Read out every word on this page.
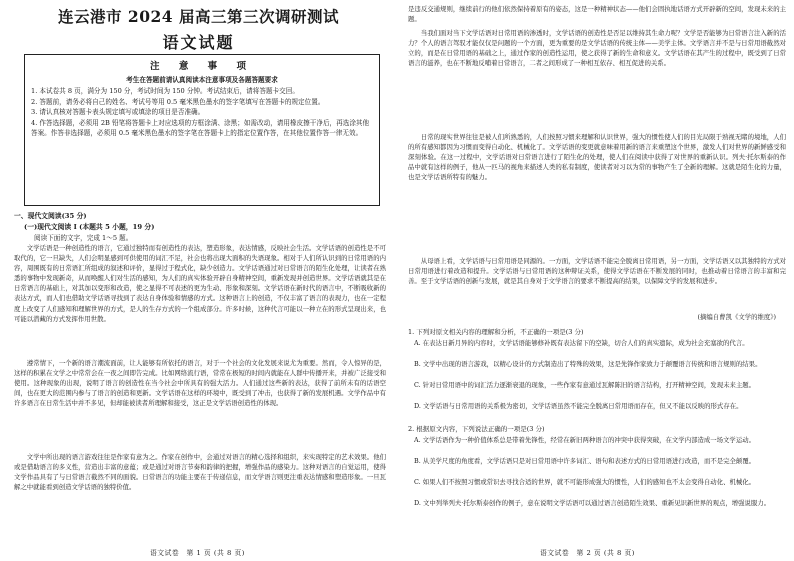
连云港市 2024 届高三第三次调研测试
语文试题
注 意 事 项
考生在答题前请认真阅读本注意事项及各题答题要求
1. 本试卷共 8 页，满分为 150 分，考试时间为 150 分钟。考试结束后，请将答题卡交回。
2. 答题前，请务必将自己的姓名、考试号等用 0.5 毫米黑色墨水的签字笔填写在答题卡的规定位置。
3. 请认真核对答题卡表头规定填写或填涂的项目是否准确。
4. 作答选择题，必须用 2B 铅笔将答题卡上对应选项的方框涂满、涂黑；如需改动，请用橡皮擦干净后，再选涂其他答案。作答非选择题，必须用 0.5 毫米黑色墨水的签字笔在答题卡上的指定位置作答，在其他位置作答一律无效。
一、现代文阅读(35 分)
(一)现代文阅读 I (本题共 5 小题，19 分)
阅读下面的文字，完成 1～5 题。
文学话语是一种创造性的语言，它通过独特而有创造性的表达，塑造形象，表达情感，反映社会生活。文学话语的创造性是不可取代的，它一旦缺失，人们会明显感到可供使用的词汇不足，社会也将出现大面积的失语现象。相对于人们所认识到的日常用语的内容，周围既有的日常语汇所组成的叙述和评价，显得过于程式化，缺少创造力。文学话语通过对日常语言的陌生化处理，让读者在熟悉的事物中发现新奇，从而唤醒人们对生活的感知，为人们的真实体验开辟自身精神空间，重新发现并创造世界。文学话语就其是在日常语言的基础上，对其加以变形和改造，使之显得不可表述的更为生动、形象和深刻。文学话语在新时代的语言中，不断吸收新的表达方式，而人们也借助文学话语寻找到了表达自身体验和情感的方式。这种语言上的创造，不仅丰富了语言的表现力，也在一定程度上改变了人们感知和理解世界的方式，是人的生存方式的一个组成部分。许多时候，这种代言可能以一种立在的形式呈现出来，也可能以潜藏的方式发挥作用世散。
遵常情下，一个新的语言潮流面前，让人能够有所依托的语言，对于一个社会的文化发展来说尤为重要。然而，令人惊异的是，这样的积累在文学之中常常会在一夜之间即告完成。比如网络流行语，常常在极短的时间内就能在人群中传播开来，并被广泛接受和使用。这种现象的出现，说明了语言的创造性在当今社会中所具有的强大活力。人们通过这些新的表达，获得了前所未有的话语空间，也在更大的范围内参与了语言的创造和更新。文学话语在这样的环境中，既受到了冲击，也获得了新的发展机遇。文学作品中有许多语言在日常生活中并不多见，但却能被读者所理解和接受，这正是文学话语创造性的体现。
文学中所出现的语言游戏往往是作家有意为之。作家在创作中，会通过对语言的精心选择和组织，来实现特定的艺术效果。他们或是借助语言的多义性，营造出丰富的意蕴；或是通过对语言节奏和韵律的把握，增强作品的感染力。这种对语言的自觉运用，使得文学作品具有了与日常语言截然不同的面貌。日常语言的功能主要在于传递信息，而文学语言则更注重表达情感和塑造形象。一旦瓦解之中就能看到创造文学话语的独特价值。
语文试卷　第 1 页 (共 8 页)
是违反交通规则，继续前行的他们依然保持着原有的姿态，这是一种精神状态——他们会固执地话语方式开辟新的空间，发现未来的主题。
当我们面对当下文学话语对日常用语的渗透时，文学话语的创造性是否足以维持其生命力呢？文学是否能够为日常语言注入新的活力？个人的语言驾驭才能仅仅是问题的一个方面，更为重要的是文学话语的传统主体——美学主体。文学语言并不是与日常用语截然对立的，而是在日常用语的基础之上，通过作家的创造性运用，使之获得了新的生命和意义。文学话语在其产生的过程中，既受到了日常语言的滋养，也在不断地反哺着日常语言，二者之间形成了一种相互依存、相互促进的关系。
日常的现实世界往往是被人们所熟悉的，人们按照习惯来理解和认识世界，强大的惯性使人们的目光局限于熟视无睹的境地，人们的所有感知都因为习惯而变得自动化、机械化了。文学话语的变更就意味着用新的语言来重塑这个世界，激发人们对世界的新鲜感受和深刻体验。在这一过程中，文学话语对日常语言进行了陌生化的处理，使人们在阅读中获得了对世界的重新认识。列夫·托尔斯泰的作品中就有这样的例子，他从一匹马的视角来描述人类的私有制度，使读者对习以为常的事物产生了全新的理解。这就是陌生化的力量，也是文学话语所特有的魅力。
从母语上看，文学话语与日常用语是同源的。一方面，文学话语不能完全脱离日常用语，另一方面，文学话语又以其独特的方式对日常用语进行着改造和提升。文学话语与日常用语的这种辩证关系，使得文学话语在不断发展的同时，也推动着日常语言的丰富和完善。至于文学话语的创新与发展，就是其自身对于文学语言的要求不断提高的结果，以保障文学的发展和进步。
(摘编自曹凯《文学的维度》)
1. 下列对原文相关内容的理解和分析，不正确的一项是(3 分)
A. 在表达日新月异的内容时，文学话语能够修补既有表达留下的空缺，切合人们的真实遗际，成为社会充塞欲的代言。
B. 文学中出现的语言游戏，以精心设计的方式制造出了特殊的效果，这是先锋作家致力于颠覆语言传统和语言规则的结果。
C. 针对日常用语中的词汇活力逐渐衰退的现象，一些作家有意通过瓦解陈旧的语言结构，打开精神空间，发现未来主题。
D. 文学话语与日常用语的关系极为密切，文学话语虽然不能完全脱离日常用语而存在，但又不能以反映的形式存在。
2. 根据原文内容，下列说法正确的一项是(3 分)
A. 文学话语作为一种价值体系总是带着先锋性，经常在新旧两种语言的冲突中获得突破，在文学内部造成一场文学运动。
B. 从美学尺度的角度看，文学话语只是对日常用语中许多词汇、语句和表述方式的日常用语进行改造，而不是完全颠覆。
C. 如果人们不按照习惯或常识去寻找合适的世界，就不可能形成强大的惯性，人们的感知也不太会变得自动化、机械化。
D. 文中列举列夫·托尔斯泰创作的例子，意在说明文学话语可以通过语言创造陌生效果、重新见识新世界的观点，增强说服力。
语文试卷　第 2 页 (共 8 页)
